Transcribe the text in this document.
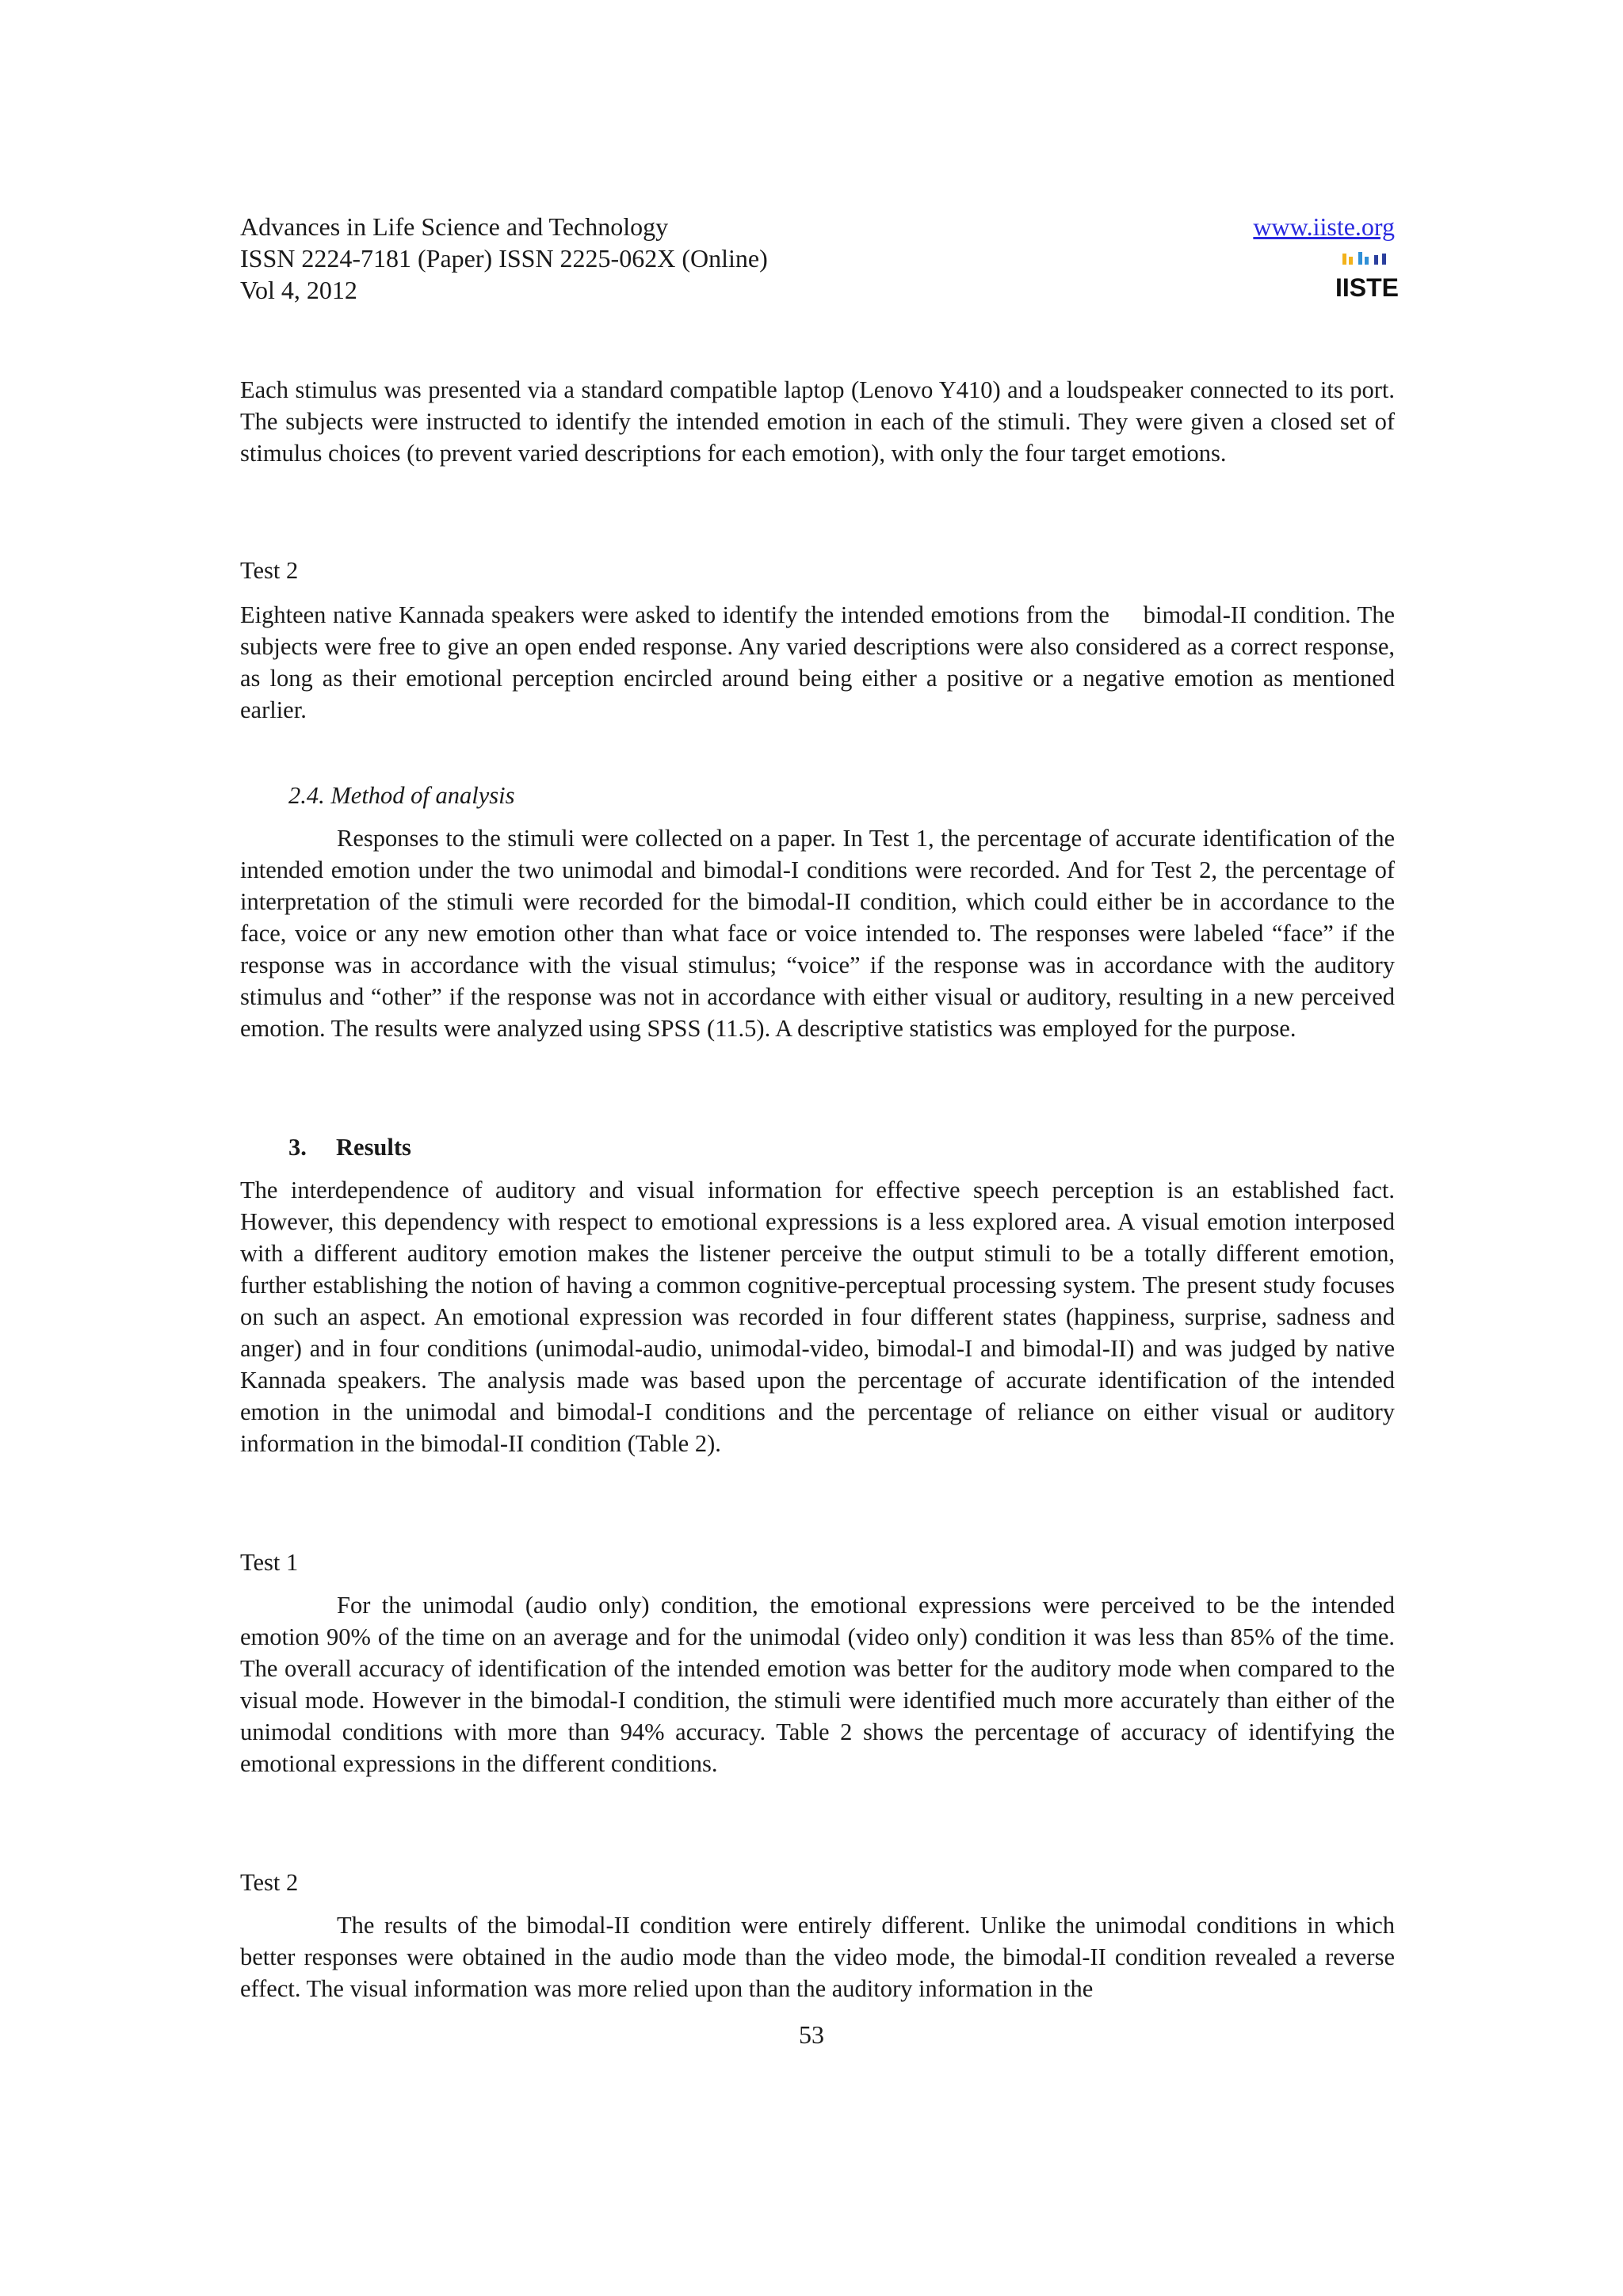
Advances in Life Science and Technology
ISSN 2224-7181 (Paper) ISSN 2225-062X (Online)
Vol 4, 2012
www.iiste.org
IISTE

Each stimulus was presented via a standard compatible laptop (Lenovo Y410) and a loudspeaker connected to its port. The subjects were instructed to identify the intended emotion in each of the stimuli. They were given a closed set of stimulus choices (to prevent varied descriptions for each emotion), with only the four target emotions.

Test 2

Eighteen native Kannada speakers were asked to identify the intended emotions from the     bimodal-II condition. The subjects were free to give an open ended response. Any varied descriptions were also considered as a correct response, as long as their emotional perception encircled around being either a positive or a negative emotion as mentioned earlier.

2.4. Method of analysis

Responses to the stimuli were collected on a paper. In Test 1, the percentage of accurate identification of the intended emotion under the two unimodal and bimodal-I conditions were recorded. And for Test 2, the percentage of interpretation of the stimuli were recorded for the bimodal-II condition, which could either be in accordance to the face, voice or any new emotion other than what face or voice intended to. The responses were labeled “face” if the response was in accordance with the visual stimulus; “voice” if the response was in accordance with the auditory stimulus and “other” if the response was not in accordance with either visual or auditory, resulting in a new perceived emotion. The results were analyzed using SPSS (11.5). A descriptive statistics was employed for the purpose.

3. Results

The interdependence of auditory and visual information for effective speech perception is an established fact. However, this dependency with respect to emotional expressions is a less explored area. A visual emotion interposed with a different auditory emotion makes the listener perceive the output stimuli to be a totally different emotion, further establishing the notion of having a common cognitive-perceptual processing system. The present study focuses on such an aspect. An emotional expression was recorded in four different states (happiness, surprise, sadness and anger) and in four conditions (unimodal-audio, unimodal-video, bimodal-I and bimodal-II) and was judged by native Kannada speakers. The analysis made was based upon the percentage of accurate identification of the intended emotion in the unimodal and bimodal-I conditions and the percentage of reliance on either visual or auditory information in the bimodal-II condition (Table 2).

Test 1

For the unimodal (audio only) condition, the emotional expressions were perceived to be the intended emotion 90% of the time on an average and for the unimodal (video only) condition it was less than 85% of the time. The overall accuracy of identification of the intended emotion was better for the auditory mode when compared to the visual mode. However in the bimodal-I condition, the stimuli were identified much more accurately than either of the unimodal conditions with more than 94% accuracy. Table 2 shows the percentage of accuracy of identifying the emotional expressions in the different conditions.

Test 2

The results of the bimodal-II condition were entirely different. Unlike the unimodal conditions in which better responses were obtained in the audio mode than the video mode, the bimodal-II condition revealed a reverse effect. The visual information was more relied upon than the auditory information in the

53
